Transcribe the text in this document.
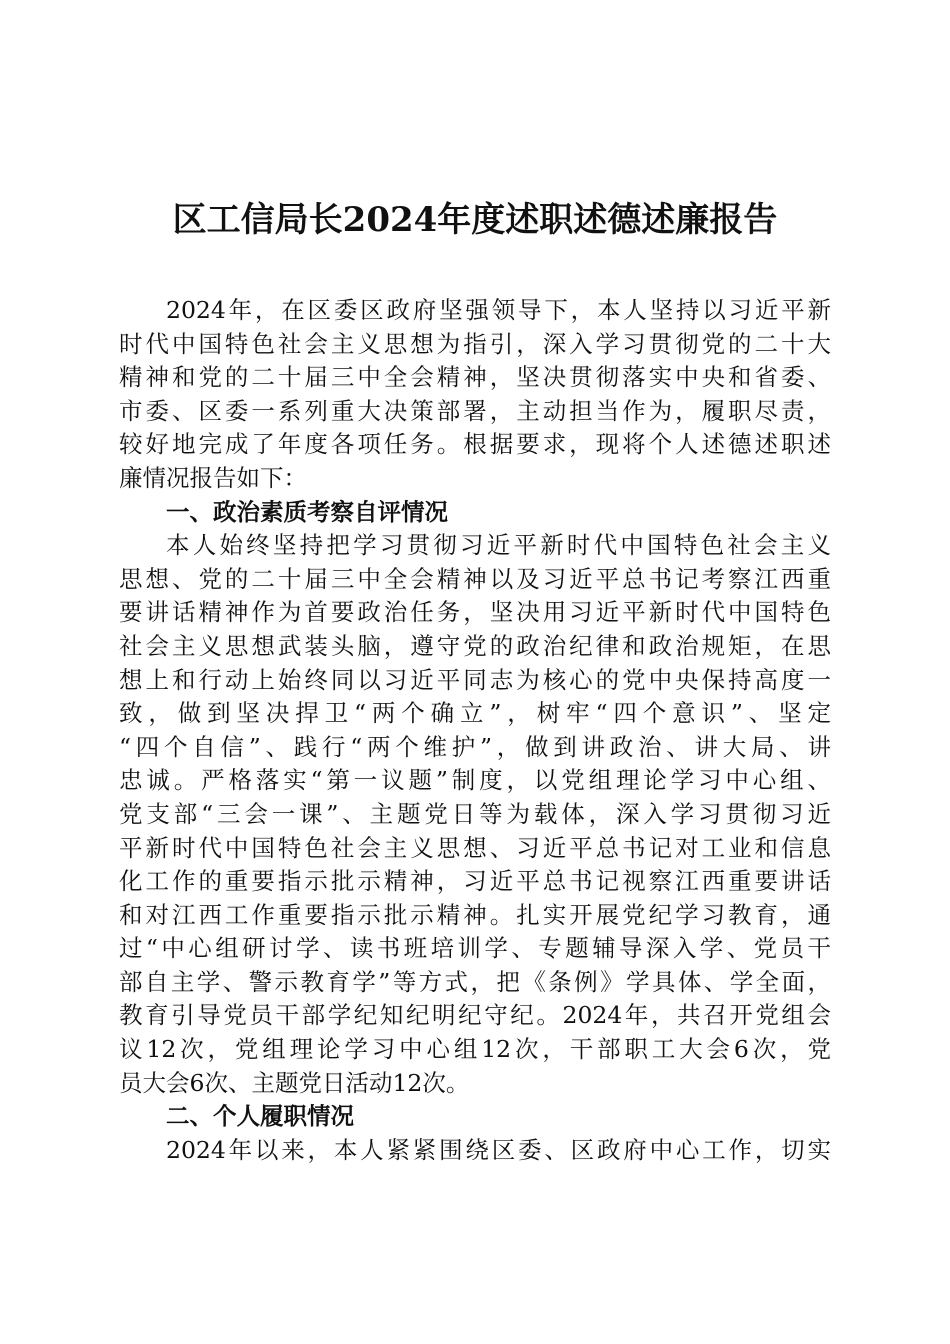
区工信局长2024年度述职述德述廉报告
2024年，在区委区政府坚强领导下，本人坚持以习近平新
时代中国特色社会主义思想为指引，深入学习贯彻党的二十大
精神和党的二十届三中全会精神，坚决贯彻落实中央和省委、
市委、区委一系列重大决策部署，主动担当作为，履职尽责，
较好地完成了年度各项任务。根据要求，现将个人述德述职述
廉情况报告如下：
一、政治素质考察自评情况
本人始终坚持把学习贯彻习近平新时代中国特色社会主义
思想、党的二十届三中全会精神以及习近平总书记考察江西重
要讲话精神作为首要政治任务，坚决用习近平新时代中国特色
社会主义思想武装头脑，遵守党的政治纪律和政治规矩，在思
想上和行动上始终同以习近平同志为核心的党中央保持高度一
致，做到坚决捍卫“两个确立”，树牢“四个意识”、坚定
“四个自信”、践行“两个维护”，做到讲政治、讲大局、讲
忠诚。严格落实“第一议题”制度，以党组理论学习中心组、
党支部“三会一课”、主题党日等为载体，深入学习贯彻习近
平新时代中国特色社会主义思想、习近平总书记对工业和信息
化工作的重要指示批示精神，习近平总书记视察江西重要讲话
和对江西工作重要指示批示精神。扎实开展党纪学习教育，通
过“中心组研讨学、读书班培训学、专题辅导深入学、党员干
部自主学、警示教育学”等方式，把《条例》学具体、学全面，
教育引导党员干部学纪知纪明纪守纪。2024年，共召开党组会
议12次，党组理论学习中心组12次，干部职工大会6次，党
员大会6次、主题党日活动12次。
二、个人履职情况
2024年以来，本人紧紧围绕区委、区政府中心工作，切实
